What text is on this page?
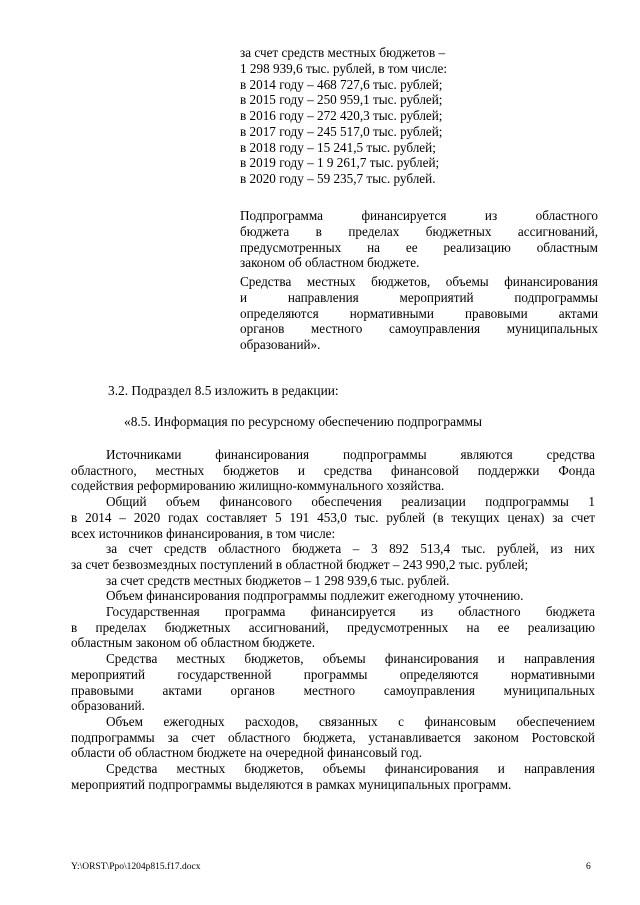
за счет средств местных бюджетов –
1 298 939,6 тыс. рублей, в том числе:
в 2014 году – 468 727,6 тыс. рублей;
в 2015 году – 250 959,1 тыс. рублей;
в 2016 году – 272 420,3 тыс. рублей;
в 2017 году – 245 517,0 тыс. рублей;
в 2018 году – 15 241,5 тыс. рублей;
в 2019 году – 1 9 261,7 тыс. рублей;
в 2020 году – 59 235,7 тыс. рублей.
Подпрограмма финансируется из областного
бюджета в пределах бюджетных ассигнований,
предусмотренных на ее реализацию областным
законом об областном бюджете.
Средства местных бюджетов, объемы финансирования
и направления мероприятий подпрограммы
определяются нормативными правовыми актами
органов местного самоуправления муниципальных
образований».
3.2. Подраздел 8.5 изложить в редакции:
«8.5. Информация по ресурсному обеспечению подпрограммы

Источниками финансирования подпрограммы являются средства
областного, местных бюджетов и средства финансовой поддержки Фонда
содействия реформированию жилищно-коммунального хозяйства.

Общий объем финансового обеспечения реализации подпрограммы 1
в 2014 – 2020 годах составляет 5 191 453,0 тыс. рублей (в текущих ценах) за счет
всех источников финансирования, в том числе:

за счет средств областного бюджета – 3 892 513,4 тыс. рублей, из них
за счет безвозмездных поступлений в областной бюджет – 243 990,2 тыс. рублей;

за счет средств местных бюджетов – 1 298 939,6 тыс. рублей.

Объем финансирования подпрограммы подлежит ежегодному уточнению.

Государственная программа финансируется из областного бюджета
в пределах бюджетных ассигнований, предусмотренных на ее реализацию
областным законом об областном бюджете.

Средства местных бюджетов, объемы финансирования и направления
мероприятий государственной программы определяются нормативными
правовыми актами органов местного самоуправления муниципальных
образований.

Объем ежегодных расходов, связанных с финансовым обеспечением
подпрограммы за счет областного бюджета, устанавливается законом Ростовской
области об областном бюджете на очередной финансовый год.

Средства местных бюджетов, объемы финансирования и направления
мероприятий подпрограммы выделяются в рамках муниципальных программ.

Y:\ORST\Ppo\1204p815.f17.docx	6
